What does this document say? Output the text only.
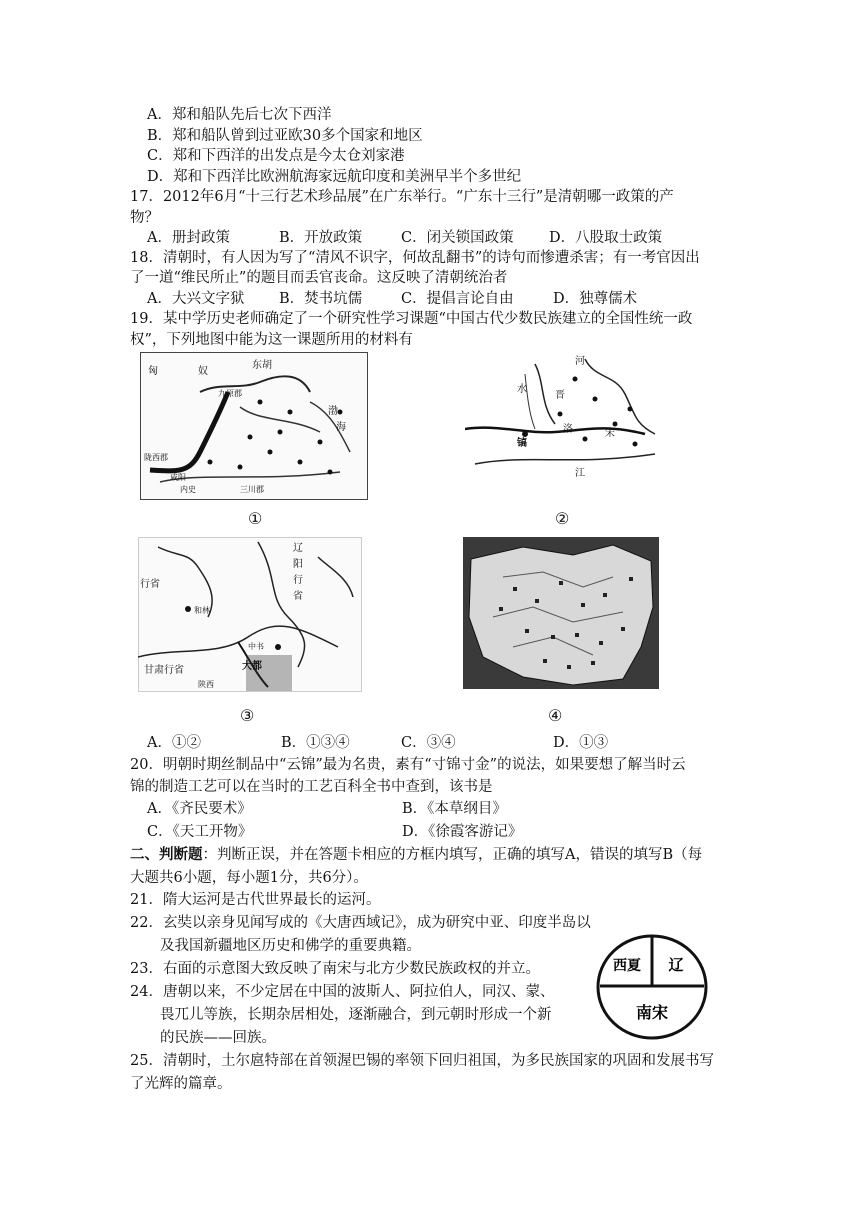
A．郑和船队先后七次下西洋
B．郑和船队曾到过亚欧30多个国家和地区
C．郑和下西洋的出发点是今太仓刘家港
D．郑和下西洋比欧洲航海家远航印度和美洲早半个多世纪
17．2012年6月“十三行艺术珍品展”在广东举行。“广东十三行”是清朝哪一政策的产
物？
A．册封政策	B．开放政策	C．闭关锁国政策	D．八股取士政策
18．清朝时，有人因为写了“清风不识字，何故乱翻书”的诗句而惨遭杀害；有一考官因出
了一道“维民所止”的题目而丢官丧命。这反映了清朝统治者
A．大兴文字狱	B．焚书坑儒	C．提倡言论自由	D．独尊儒术
19．某中学历史老师确定了一个研究性学习课题“中国古代少数民族建立的全国性统一政
权”，下列地图中能为这一课题所用的材料有
匈	奴
东胡
九原郡
渤
海
陇西郡
咸阳
内史	三川郡
①
河
水
晋
洛
镐
宋
江
②
行省
辽
阳
行
省
和林
中书
大都
甘肃行省
陕西
③	④
A．①②	B．①③④	C．③④	D．①③
20．明朝时期丝制品中“云锦”最为名贵，素有“寸锦寸金”的说法，如果要想了解当时云
锦的制造工艺可以在当时的工艺百科全书中查到，该书是
A．《齐民要术》	B．《本草纲目》
C．《天工开物》	D．《徐霞客游记》
二、判断题：判断正误，并在答题卡相应的方框内填写，正确的填写A，错误的填写B（每
大题共6小题，每小题1分，共6分）。
21．隋大运河是古代世界最长的运河。
22．玄奘以亲身见闻写成的《大唐西域记》，成为研究中亚、印度半岛以
及我国新疆地区历史和佛学的重要典籍。
23．右面的示意图大致反映了南宋与北方少数民族政权的并立。
24．唐朝以来，不少定居在中国的波斯人、阿拉伯人，同汉、蒙、
畏兀儿等族，长期杂居相处，逐渐融合，到元朝时形成一个新
的民族——回族。
25．清朝时，土尔扈特部在首领渥巴锡的率领下回归祖国，为多民族国家的巩固和发展书写
了光辉的篇章。
西夏 辽
南宋
